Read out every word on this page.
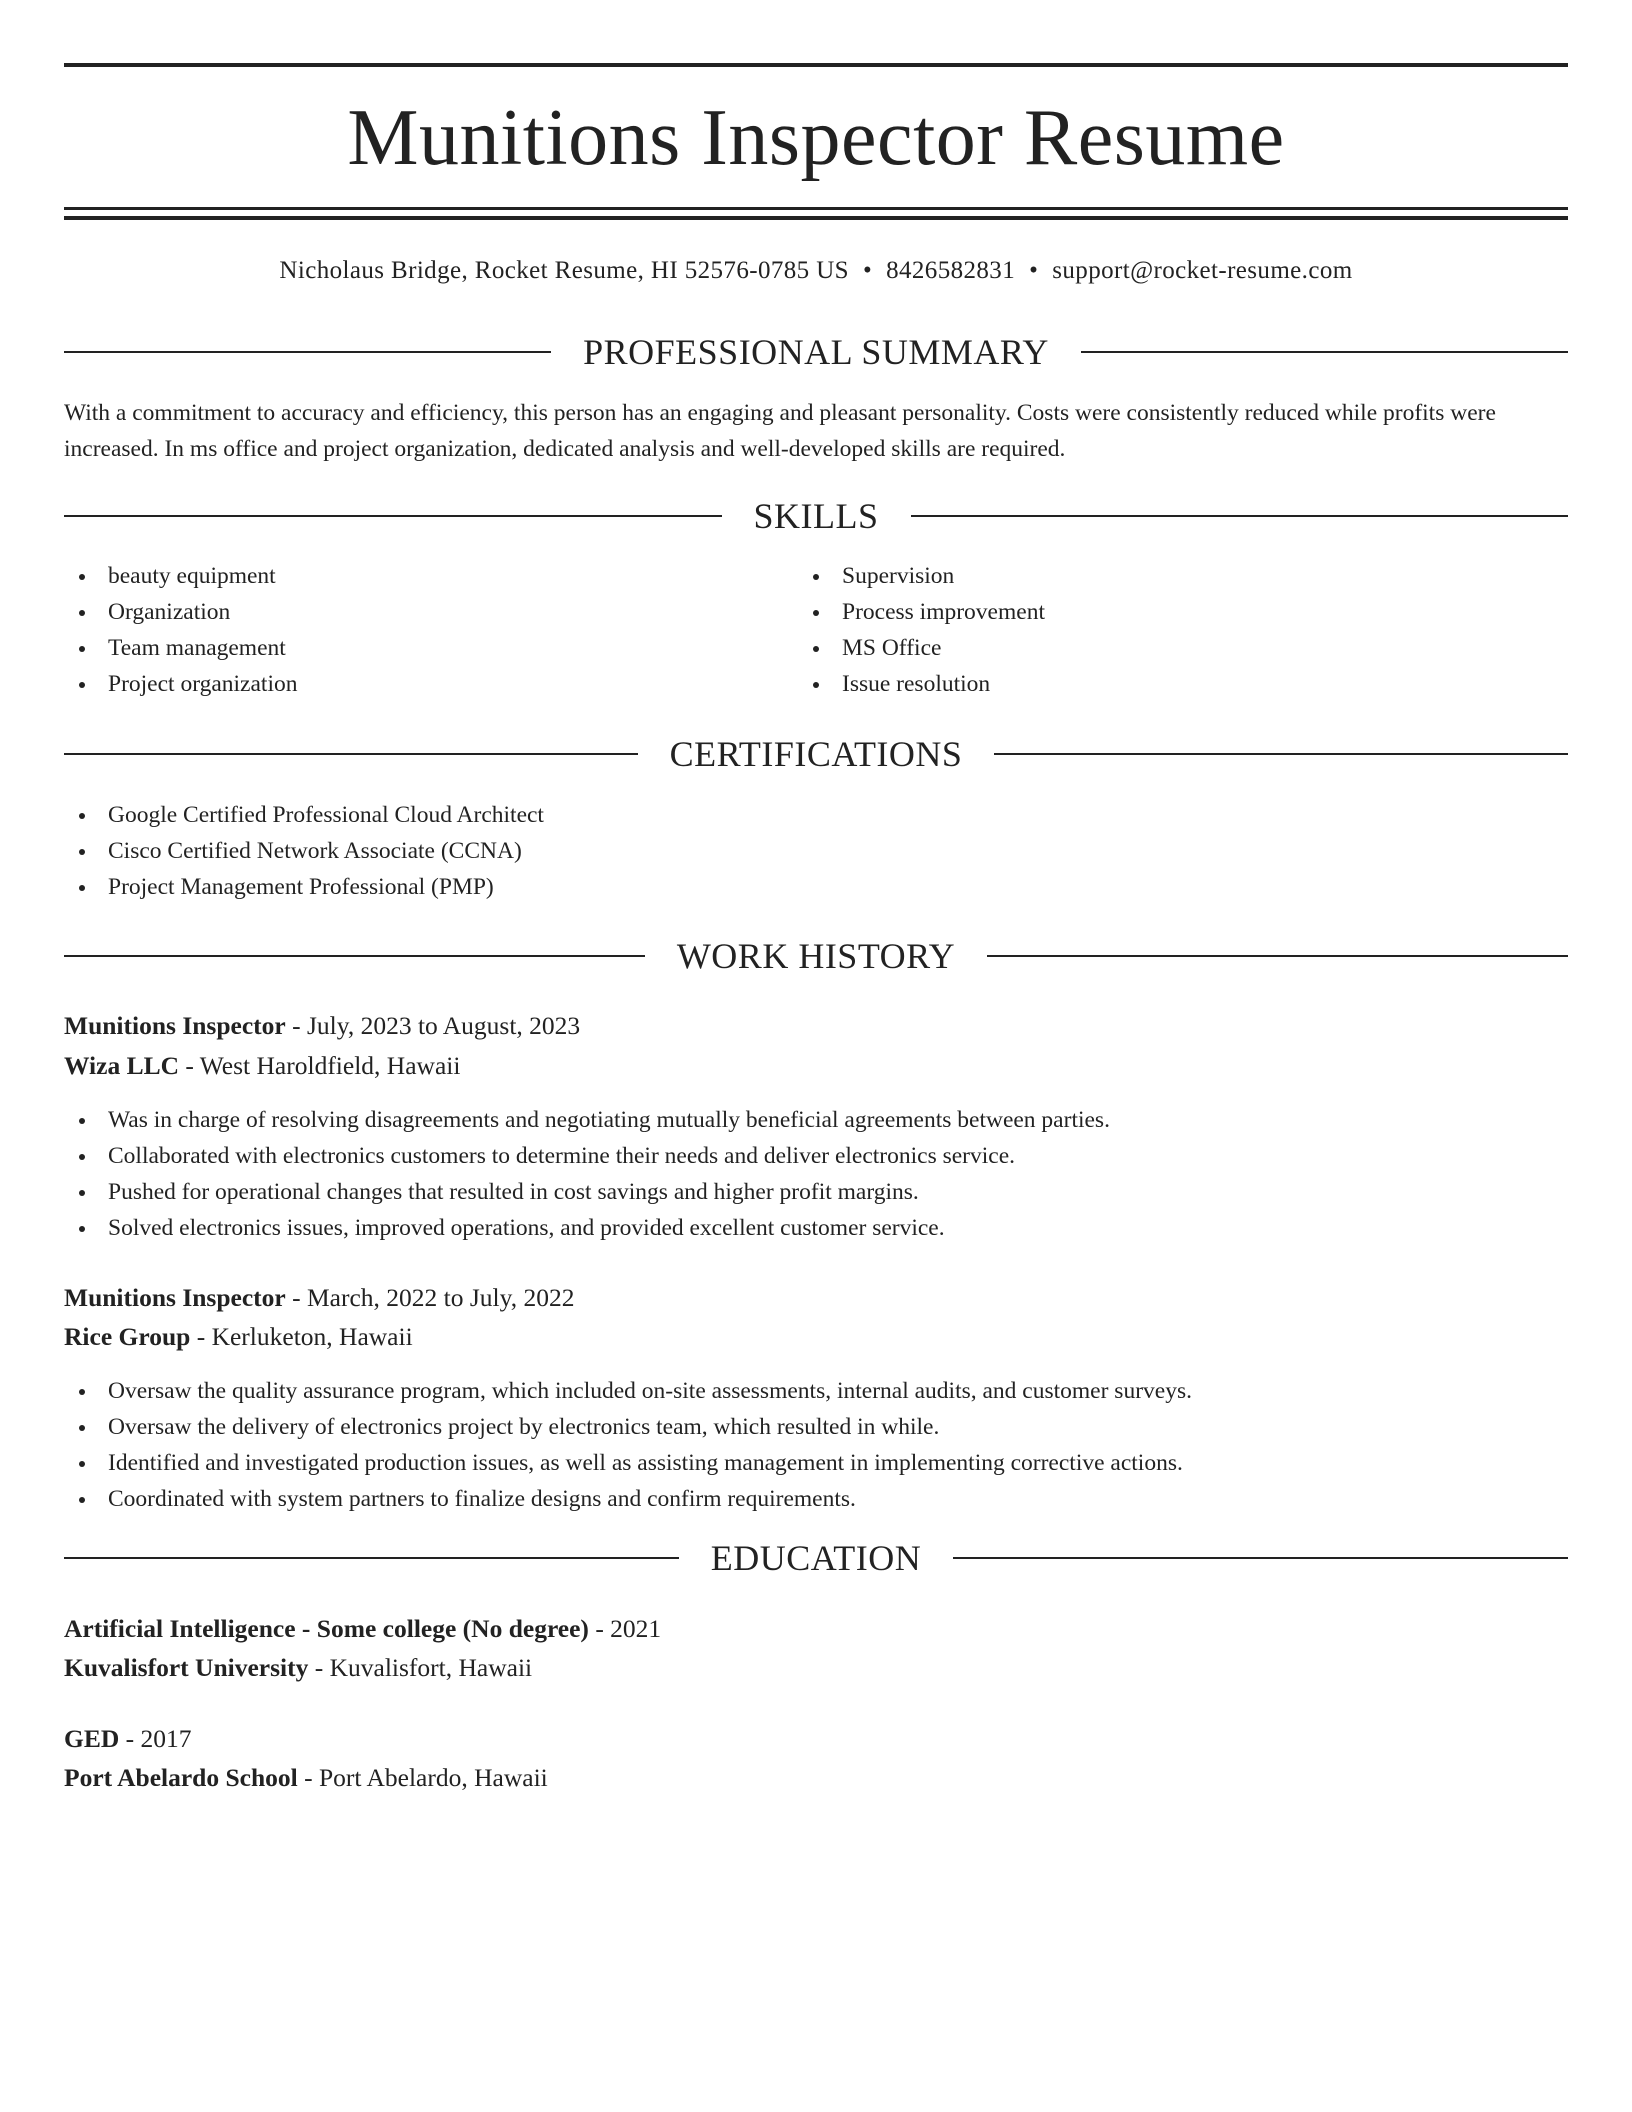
Munitions Inspector Resume
Nicholaus Bridge, Rocket Resume, HI 52576-0785 US • 8426582831 • support@rocket-resume.com
PROFESSIONAL SUMMARY
With a commitment to accuracy and efficiency, this person has an engaging and pleasant personality. Costs were consistently reduced while profits were increased. In ms office and project organization, dedicated analysis and well-developed skills are required.
SKILLS
beauty equipment
Organization
Team management
Project organization
Supervision
Process improvement
MS Office
Issue resolution
CERTIFICATIONS
Google Certified Professional Cloud Architect
Cisco Certified Network Associate (CCNA)
Project Management Professional (PMP)
WORK HISTORY
Munitions Inspector - July, 2023 to August, 2023
Wiza LLC - West Haroldfield, Hawaii
Was in charge of resolving disagreements and negotiating mutually beneficial agreements between parties.
Collaborated with electronics customers to determine their needs and deliver electronics service.
Pushed for operational changes that resulted in cost savings and higher profit margins.
Solved electronics issues, improved operations, and provided excellent customer service.
Munitions Inspector - March, 2022 to July, 2022
Rice Group - Kerluketon, Hawaii
Oversaw the quality assurance program, which included on-site assessments, internal audits, and customer surveys.
Oversaw the delivery of electronics project by electronics team, which resulted in while.
Identified and investigated production issues, as well as assisting management in implementing corrective actions.
Coordinated with system partners to finalize designs and confirm requirements.
EDUCATION
Artificial Intelligence - Some college (No degree) - 2021
Kuvalisfort University - Kuvalisfort, Hawaii
GED - 2017
Port Abelardo School - Port Abelardo, Hawaii
